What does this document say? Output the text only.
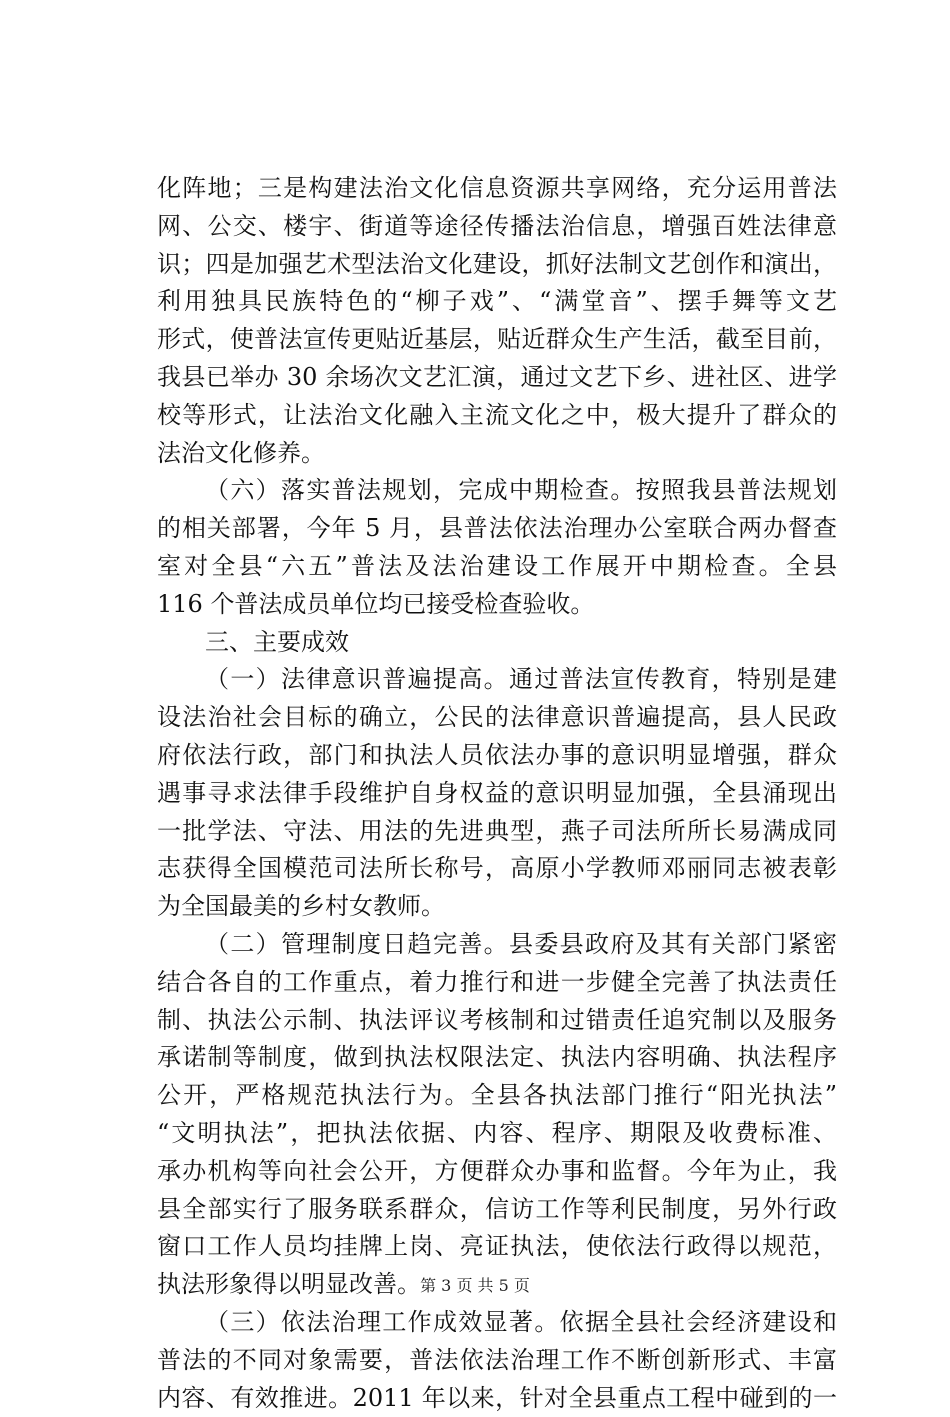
化阵地；三是构建法治文化信息资源共享网络，充分运用普法
网、公交、楼宇、街道等途径传播法治信息，增强百姓法律意
识；四是加强艺术型法治文化建设，抓好法制文艺创作和演出，
利用独具民族特色的“柳子戏”、“满堂音”、摆手舞等文艺
形式，使普法宣传更贴近基层，贴近群众生产生活，截至目前，
我县已举办 30 余场次文艺汇演，通过文艺下乡、进社区、进学
校等形式，让法治文化融入主流文化之中，极大提升了群众的
法治文化修养。
（六）落实普法规划，完成中期检查。按照我县普法规划
的相关部署，今年 5 月，县普法依法治理办公室联合两办督查
室对全县“六五”普法及法治建设工作展开中期检查。全县
116 个普法成员单位均已接受检查验收。
三、主要成效
（一）法律意识普遍提高。通过普法宣传教育，特别是建
设法治社会目标的确立，公民的法律意识普遍提高，县人民政
府依法行政，部门和执法人员依法办事的意识明显增强，群众
遇事寻求法律手段维护自身权益的意识明显加强，全县涌现出
一批学法、守法、用法的先进典型，燕子司法所所长易满成同
志获得全国模范司法所长称号，高原小学教师邓丽同志被表彰
为全国最美的乡村女教师。
（二）管理制度日趋完善。县委县政府及其有关部门紧密
结合各自的工作重点，着力推行和进一步健全完善了执法责任
制、执法公示制、执法评议考核制和过错责任追究制以及服务
承诺制等制度，做到执法权限法定、执法内容明确、执法程序
公开，严格规范执法行为。全县各执法部门推行“阳光执法”
“文明执法”，把执法依据、内容、程序、期限及收费标准、
承办机构等向社会公开，方便群众办事和监督。今年为止，我
县全部实行了服务联系群众，信访工作等利民制度，另外行政
窗口工作人员均挂牌上岗、亮证执法，使依法行政得以规范，
执法形象得以明显改善。
（三）依法治理工作成效显著。依据全县社会经济建设和
普法的不同对象需要，普法依法治理工作不断创新形式、丰富
内容、有效推进。2011 年以来，针对全县重点工程中碰到的一
第 3 页 共 5 页
